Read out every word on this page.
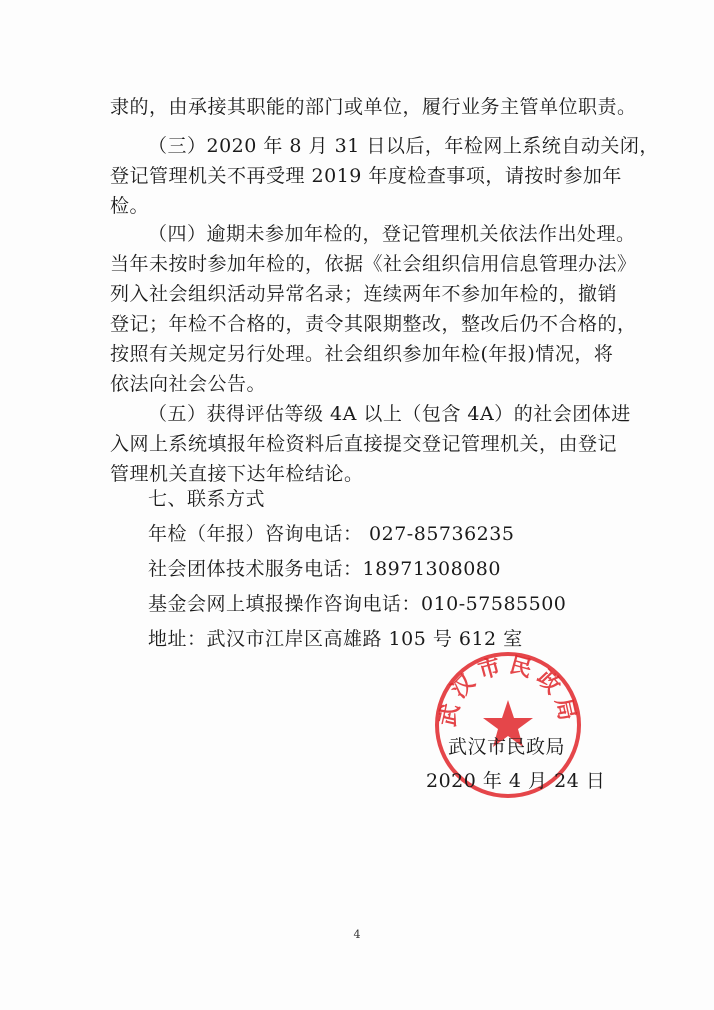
隶的，由承接其职能的部门或单位，履行业务主管单位职责。
（三）2020 年 8 月 31 日以后，年检网上系统自动关闭，
登记管理机关不再受理 2019 年度检查事项，请按时参加年
检。
（四）逾期未参加年检的，登记管理机关依法作出处理。
当年未按时参加年检的，依据《社会组织信用信息管理办法》
列入社会组织活动异常名录；连续两年不参加年检的，撤销
登记；年检不合格的，责令其限期整改，整改后仍不合格的，
按照有关规定另行处理。社会组织参加年检(年报)情况，将
依法向社会公告。
（五）获得评估等级 4A 以上（包含 4A）的社会团体进
入网上系统填报年检资料后直接提交登记管理机关，由登记
管理机关直接下达年检结论。
七、联系方式
年检（年报）咨询电话： 027-85736235
社会团体技术服务电话：18971308080
基金会网上填报操作咨询电话：010-57585500
地址：武汉市江岸区高雄路 105 号 612 室
武汉市民政局
武汉市民政局
2020 年 4 月 24 日
4
